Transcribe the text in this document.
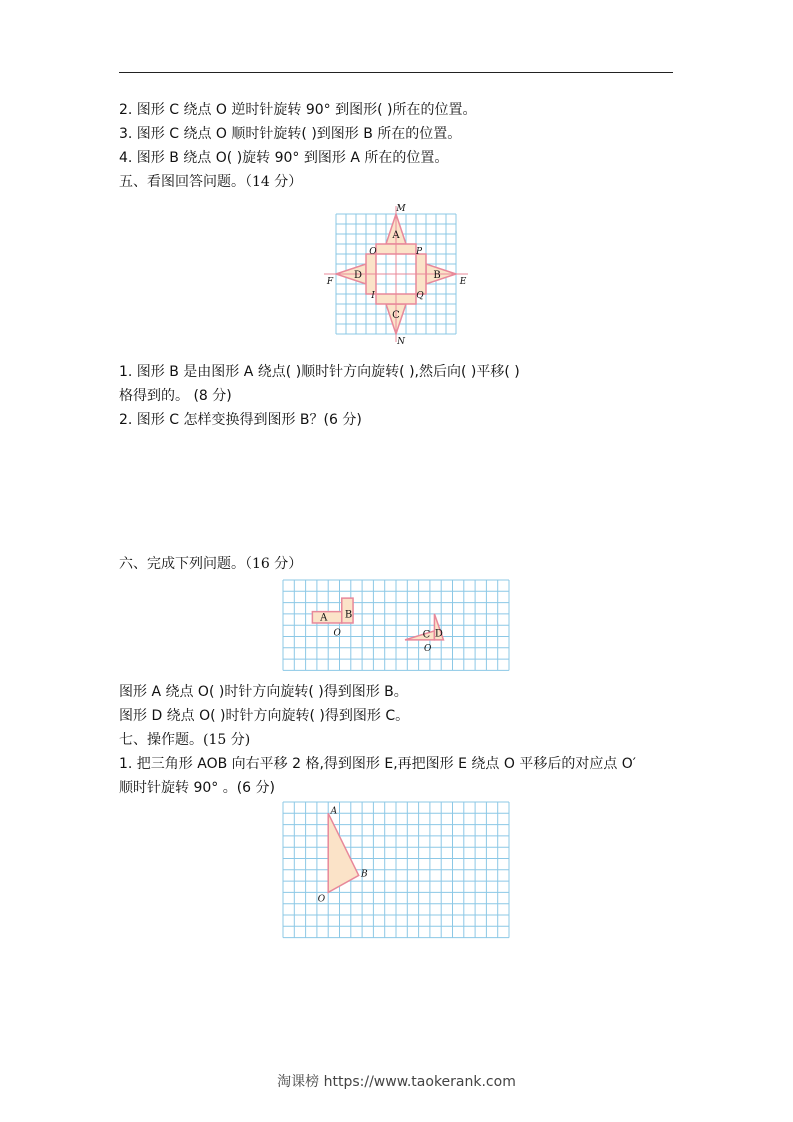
2. 图形 C 绕点 O 逆时针旋转 90° 到图形( )所在的位置。
3. 图形 C 绕点 O 顺时针旋转( )到图形 B 所在的位置。
4. 图形 B 绕点 O( )旋转 90° 到图形 A 所在的位置。
五、看图回答问题。（14 分）
M
N
F	E
O	P
I	Q
A
D	B
C
1. 图形 B 是由图形 A 绕点( )顺时针方向旋转( ),然后向( )平移( )
格得到的。 (8 分)
2. 图形 C 怎样变换得到图形 B？(6 分)
六、完成下列问题。（16 分）
A B
O	C D
O
图形 A 绕点 O( )时针方向旋转( )得到图形 B。
图形 D 绕点 O( )时针方向旋转( )得到图形 C。
七、操作题。(15 分)
1. 把三角形 AOB 向右平移 2 格,得到图形 E,再把图形 E 绕点 O 平移后的对应点 O′
顺时针旋转 90° 。(6 分)
A
B
O
淘课榜 https://www.taokerank.com
